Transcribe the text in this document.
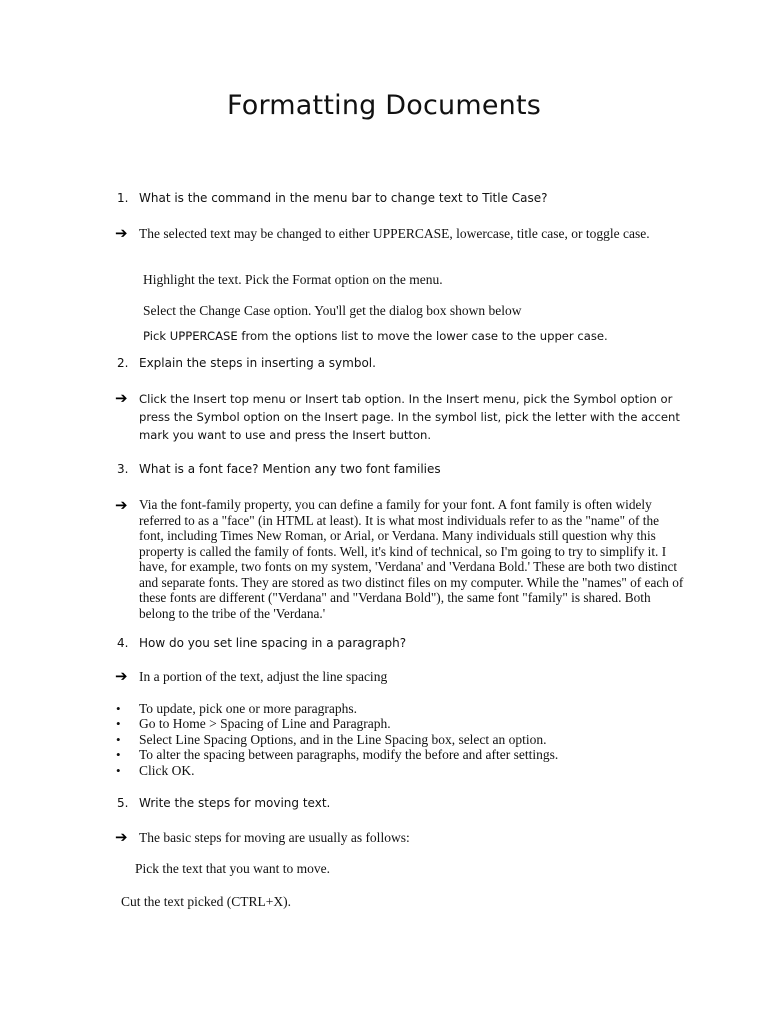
Formatting Documents
1. What is the command in the menu bar to change text to Title Case?
➔ The selected text may be changed to either UPPERCASE, lowercase, title case, or toggle case.
Highlight the text. Pick the Format option on the menu.
Select the Change Case option. You'll get the dialog box shown below
Pick UPPERCASE from the options list to move the lower case to the upper case.
2. Explain the steps in inserting a symbol.
➔ Click the Insert top menu or Insert tab option. In the Insert menu, pick the Symbol option or press the Symbol option on the Insert page. In the symbol list, pick the letter with the accent mark you want to use and press the Insert button.
3. What is a font face? Mention any two font families
➔ Via the font-family property, you can define a family for your font. A font family is often widely referred to as a "face" (in HTML at least). It is what most individuals refer to as the "name" of the font, including Times New Roman, or Arial, or Verdana. Many individuals still question why this property is called the family of fonts. Well, it's kind of technical, so I'm going to try to simplify it. I have, for example, two fonts on my system, 'Verdana' and 'Verdana Bold.' These are both two distinct and separate fonts. They are stored as two distinct files on my computer. While the "names" of each of these fonts are different ("Verdana" and "Verdana Bold"), the same font "family" is shared. Both belong to the tribe of the 'Verdana.'
4. How do you set line spacing in a paragraph?
➔ In a portion of the text, adjust the line spacing
• To update, pick one or more paragraphs.
• Go to Home > Spacing of Line and Paragraph.
• Select Line Spacing Options, and in the Line Spacing box, select an option.
• To alter the spacing between paragraphs, modify the before and after settings.
• Click OK.
5. Write the steps for moving text.
➔ The basic steps for moving are usually as follows:
Pick the text that you want to move.
Cut the text picked (CTRL+X).
